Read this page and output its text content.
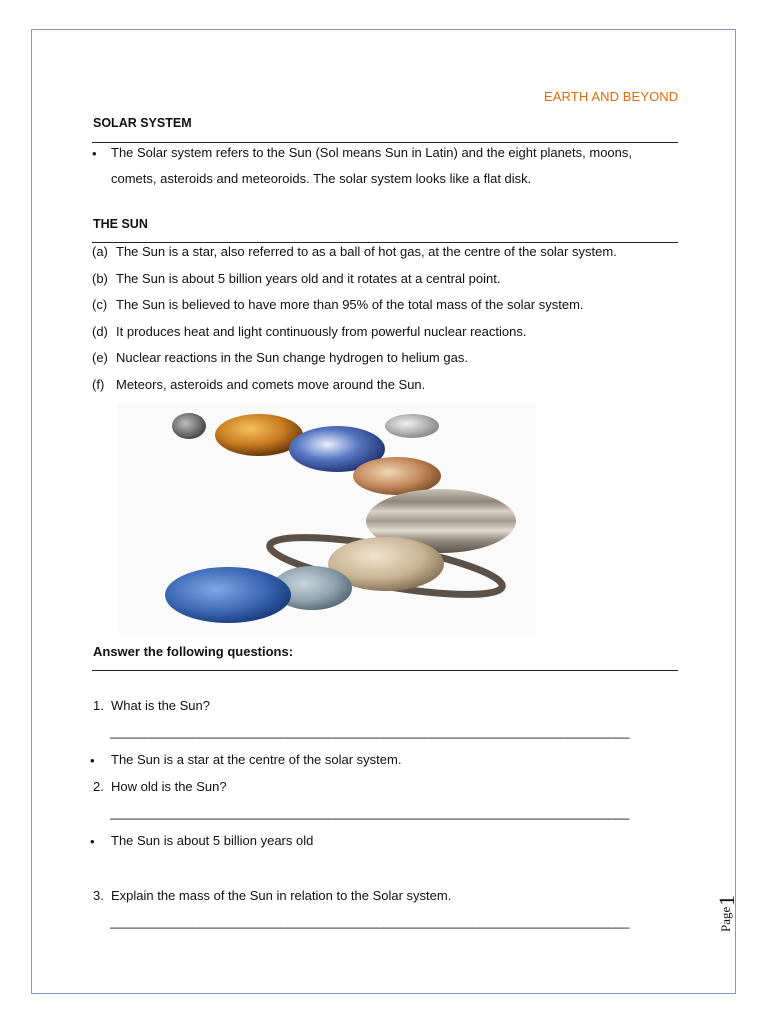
EARTH AND BEYOND
SOLAR SYSTEM
• The Solar system refers to the Sun (Sol means Sun in Latin) and the eight planets, moons,
comets, asteroids and meteoroids. The solar system looks like a flat disk.
THE SUN
(a) The Sun is a star, also referred to as a ball of hot gas, at the centre of the solar system.
(b) The Sun is about 5 billion years old and it rotates at a central point.
(c) The Sun is believed to have more than 95% of the total mass of the solar system.
(d) It produces heat and light continuously from powerful nuclear reactions.
(e) Nuclear reactions in the Sun change hydrogen to helium gas.
(f) Meteors, asteroids and comets move around the Sun.
Answer the following questions:
1. What is the Sun?
____________________________________________________________________________
• The Sun is a star at the centre of the solar system.
2. How old is the Sun?
____________________________________________________________________________
• The Sun is about 5 billion years old
3. Explain the mass of the Sun in relation to the Solar system.
____________________________________________________________________________	Page
1
